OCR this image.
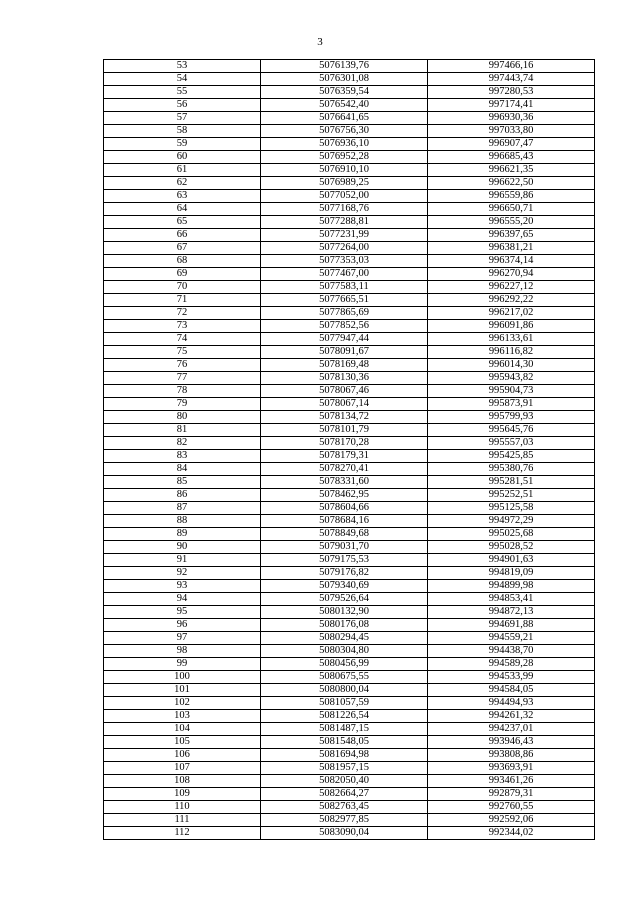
3
53	5076139,76	997466,16
54	5076301,08	997443,74
55	5076359,54	997280,53
56	5076542,40	997174,41
57	5076641,65	996930,36
58	5076756,30	997033,80
59	5076936,10	996907,47
60	5076952,28	996685,43
61	5076910,10	996621,35
62	5076989,25	996622,50
63	5077052,00	996559,86
64	5077168,76	996650,71
65	5077288,81	996555,20
66	5077231,99	996397,65
67	5077264,00	996381,21
68	5077353,03	996374,14
69	5077467,00	996270,94
70	5077583,11	996227,12
71	5077665,51	996292,22
72	5077865,69	996217,02
73	5077852,56	996091,86
74	5077947,44	996133,61
75	5078091,67	996116,82
76	5078169,48	996014,30
77	5078130,36	995943,82
78	5078067,46	995904,73
79	5078067,14	995873,91
80	5078134,72	995799,93
81	5078101,79	995645,76
82	5078170,28	995557,03
83	5078179,31	995425,85
84	5078270,41	995380,76
85	5078331,60	995281,51
86	5078462,95	995252,51
87	5078604,66	995125,58
88	5078684,16	994972,29
89	5078849,68	995025,68
90	5079031,70	995028,52
91	5079175,53	994901,63
92	5079176,82	994819,09
93	5079340,69	994899,98
94	5079526,64	994853,41
95	5080132,90	994872,13
96	5080176,08	994691,88
97	5080294,45	994559,21
98	5080304,80	994438,70
99	5080456,99	994589,28
100	5080675,55	994533,99
101	5080800,04	994584,05
102	5081057,59	994494,93
103	5081226,54	994261,32
104	5081487,15	994237,01
105	5081548,05	993946,43
106	5081694,98	993808,86
107	5081957,15	993693,91
108	5082050,40	993461,26
109	5082664,27	992879,31
110	5082763,45	992760,55
111	5082977,85	992592,06
112	5083090,04	992344,02
